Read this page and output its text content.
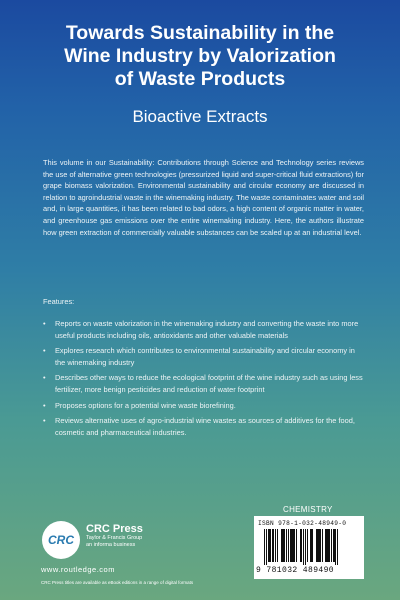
Towards Sustainability in the
Wine Industry by Valorization
of Waste Products
Bioactive Extracts
This volume in our Sustainability: Contributions through Science and Technology series reviews the use of alternative green technologies (pressurized liquid and super-critical fluid extractions) for grape biomass valorization. Environmental sustainability and circular economy are discussed in relation to agroindustrial waste in the winemaking industry. The waste contaminates water and soil and, in large quantities, it has been related to bad odors, a high content of organic matter in water, and greenhouse gas emissions over the entire winemaking industry. Here, the authors illustrate how green extraction of commercially valuable substances can be scaled up at an industrial level.
Features:
• Reports on waste valorization in the winemaking industry and converting the waste into more useful products including oils, antioxidants and other valuable materials
• Explores research which contributes to environmental sustainability and circular economy in the winemaking industry
• Describes other ways to reduce the ecological footprint of the wine industry such as using less fertilizer, more benign pesticides and reduction of water footprint
• Proposes options for a potential wine waste biorefining.
• Reviews alternative uses of agro-industrial wine wastes as sources of additives for the food, cosmetic and pharmaceutical industries.
CHEMISTRY
CRC
CRC Press
Taylor & Francis Group
an informa business
www.routledge.com
CRC Press titles are available as eBook editions in a range of digital formats
ISBN 978-1-032-48949-0
9 781032 489490
